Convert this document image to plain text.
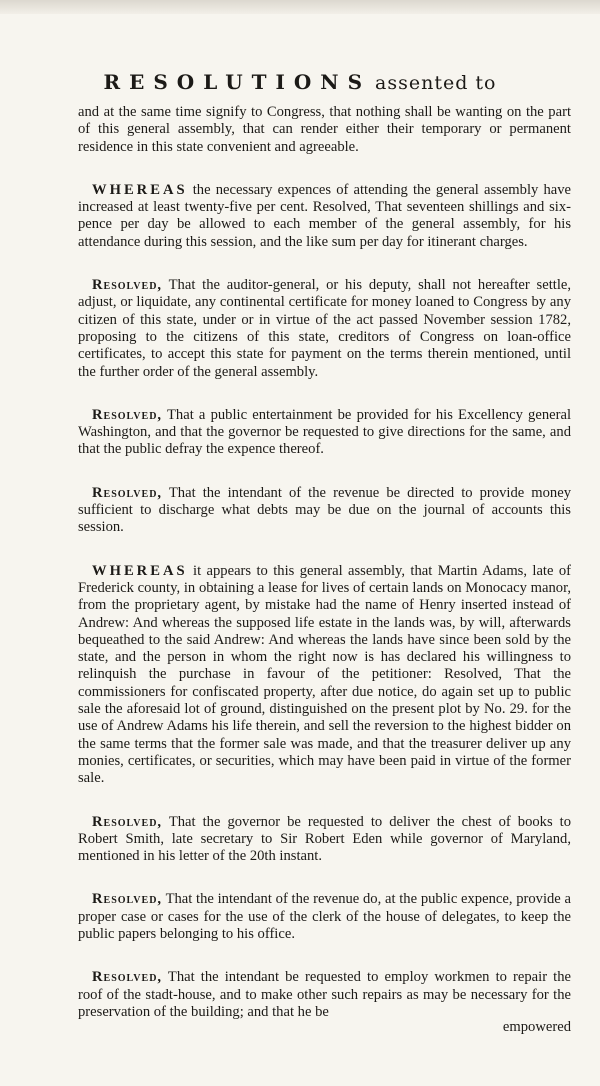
RESOLUTIONS assented to

and at the same time signify to Congress, that nothing shall be wanting on the part of this general assembly, that can render either their temporary or permanent residence in this state convenient and agreeable.

WHEREAS the necessary expences of attending the general assembly have increased at least twenty-five per cent. Resolved, That seventeen shillings and six-pence per day be allowed to each member of the general assembly, for his attendance during this session, and the like sum per day for itinerant charges.

Resolved, That the auditor-general, or his deputy, shall not hereafter settle, adjust, or liquidate, any continental certificate for money loaned to Congress by any citizen of this state, under or in virtue of the act passed November session 1782, proposing to the citizens of this state, creditors of Congress on loan-office certificates, to accept this state for payment on the terms therein mentioned, until the further order of the general assembly.

Resolved, That a public entertainment be provided for his Excellency general Washington, and that the governor be requested to give directions for the same, and that the public defray the expence thereof.

Resolved, That the intendant of the revenue be directed to provide money sufficient to discharge what debts may be due on the journal of accounts this session.

WHEREAS it appears to this general assembly, that Martin Adams, late of Frederick county, in obtaining a lease for lives of certain lands on Monocacy manor, from the proprietary agent, by mistake had the name of Henry inserted instead of Andrew: And whereas the supposed life estate in the lands was, by will, afterwards bequeathed to the said Andrew: And whereas the lands have since been sold by the state, and the person in whom the right now is has declared his willingness to relinquish the purchase in favour of the petitioner: Resolved, That the commissioners for confiscated property, after due notice, do again set up to public sale the aforesaid lot of ground, distinguished on the present plot by No. 29. for the use of Andrew Adams his life therein, and sell the reversion to the highest bidder on the same terms that the former sale was made, and that the treasurer deliver up any monies, certificates, or securities, which may have been paid in virtue of the former sale.

Resolved, That the governor be requested to deliver the chest of books to Robert Smith, late secretary to Sir Robert Eden while governor of Maryland, mentioned in his letter of the 20th instant.

Resolved, That the intendant of the revenue do, at the public expence, provide a proper case or cases for the use of the clerk of the house of delegates, to keep the public papers belonging to his office.

Resolved, That the intendant be requested to employ workmen to repair the roof of the stadt-house, and to make other such repairs as may be necessary for the preservation of the building; and that he be

empowered
